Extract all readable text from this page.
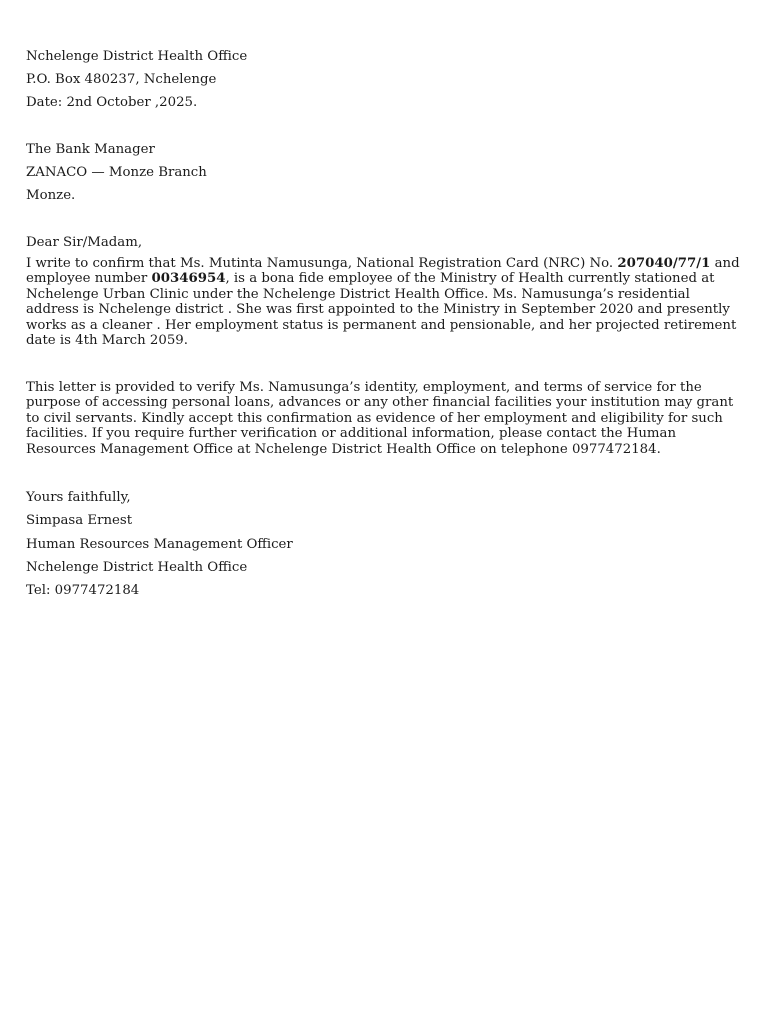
Nchelenge District Health Office
P.O. Box 480237, Nchelenge
Date: 2nd October ,2025.
The Bank Manager
ZANACO — Monze Branch
Monze.
Dear Sir/Madam,

I write to confirm that Ms. Mutinta Namusunga, National Registration Card (NRC) No. 207040/77/1 and employee number 00346954, is a bona fide employee of the Ministry of Health currently stationed at Nchelenge Urban Clinic under the Nchelenge District Health Office. Ms. Namusunga’s residential address is Nchelenge district . She was first appointed to the Ministry in September 2020 and presently works as a cleaner . Her employment status is permanent and pensionable, and her projected retirement date is 4th March 2059.

This letter is provided to verify Ms. Namusunga’s identity, employment, and terms of service for the purpose of accessing personal loans, advances or any other financial facilities your institution may grant to civil servants. Kindly accept this confirmation as evidence of her employment and eligibility for such facilities. If you require further verification or additional information, please contact the Human Resources Management Office at Nchelenge District Health Office on telephone 0977472184.

Yours faithfully,
Simpasa Ernest
Human Resources Management Officer
Nchelenge District Health Office
Tel: 0977472184
